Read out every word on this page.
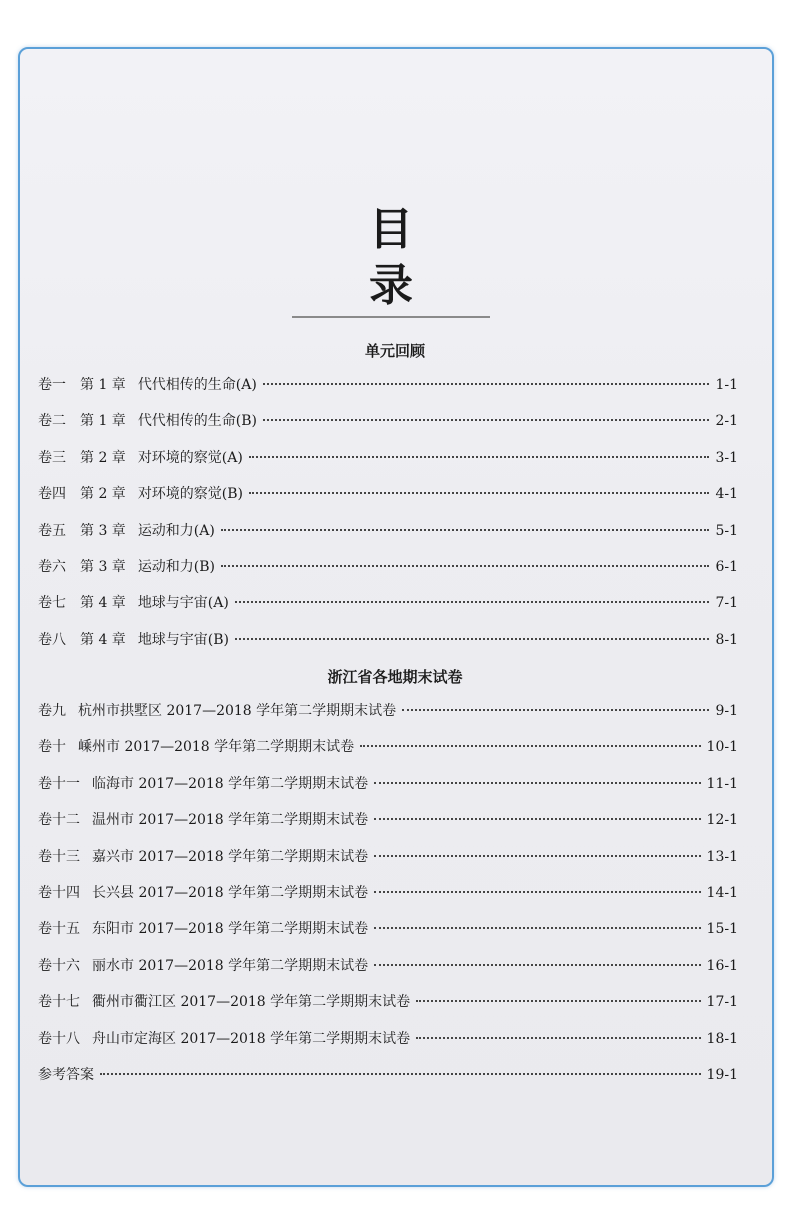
目 录
单元回顾
卷一 第 1 章 代代相传的生命(A)	1-1
卷二 第 1 章 代代相传的生命(B)	2-1
卷三 第 2 章 对环境的察觉(A)	3-1
卷四 第 2 章 对环境的察觉(B)	4-1
卷五 第 3 章 运动和力(A)	5-1
卷六 第 3 章 运动和力(B)	6-1
卷七 第 4 章 地球与宇宙(A)	7-1
卷八 第 4 章 地球与宇宙(B)	8-1
浙江省各地期末试卷
卷九 杭州市拱墅区 2017—2018 学年第二学期期末试卷	9-1
卷十 嵊州市 2017—2018 学年第二学期期末试卷	10-1
卷十一 临海市 2017—2018 学年第二学期期末试卷	11-1
卷十二 温州市 2017—2018 学年第二学期期末试卷	12-1
卷十三 嘉兴市 2017—2018 学年第二学期期末试卷	13-1
卷十四 长兴县 2017—2018 学年第二学期期末试卷	14-1
卷十五 东阳市 2017—2018 学年第二学期期末试卷	15-1
卷十六 丽水市 2017—2018 学年第二学期期末试卷	16-1
卷十七 衢州市衢江区 2017—2018 学年第二学期期末试卷	17-1
卷十八 舟山市定海区 2017—2018 学年第二学期期末试卷	18-1
参考答案	19-1
